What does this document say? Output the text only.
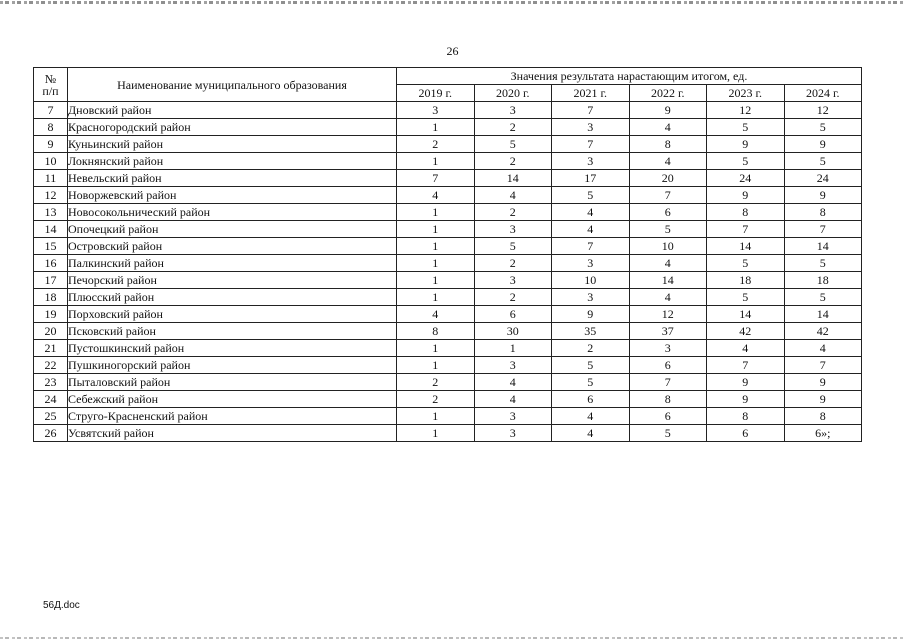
26
№
п/п	Наименование муниципального образования	Значения результата нарастающим итогом, ед.					
		2019 г.	2020 г.	2021 г.	2022 г.	2023 г.	2024 г.
7	Дновский район	3	3	7	9	12	12
8	Красногородский район	1	2	3	4	5	5
9	Куньинский район	2	5	7	8	9	9
10	Локнянский район	1	2	3	4	5	5
11	Невельский район	7	14	17	20	24	24
12	Новоржевский район	4	4	5	7	9	9
13	Новосокольнический район	1	2	4	6	8	8
14	Опочецкий район	1	3	4	5	7	7
15	Островский район	1	5	7	10	14	14
16	Палкинский район	1	2	3	4	5	5
17	Печорский район	1	3	10	14	18	18
18	Плюсский район	1	2	3	4	5	5
19	Порховский район	4	6	9	12	14	14
20	Псковский район	8	30	35	37	42	42
21	Пустошкинский район	1	1	2	3	4	4
22	Пушкиногорский район	1	3	5	6	7	7
23	Пыталовский район	2	4	5	7	9	9
24	Себежский район	2	4	6	8	9	9
25	Струго-Красненский район	1	3	4	6	8	8
26	Усвятский район	1	3	4	5	6	6»;
56Д.doc
